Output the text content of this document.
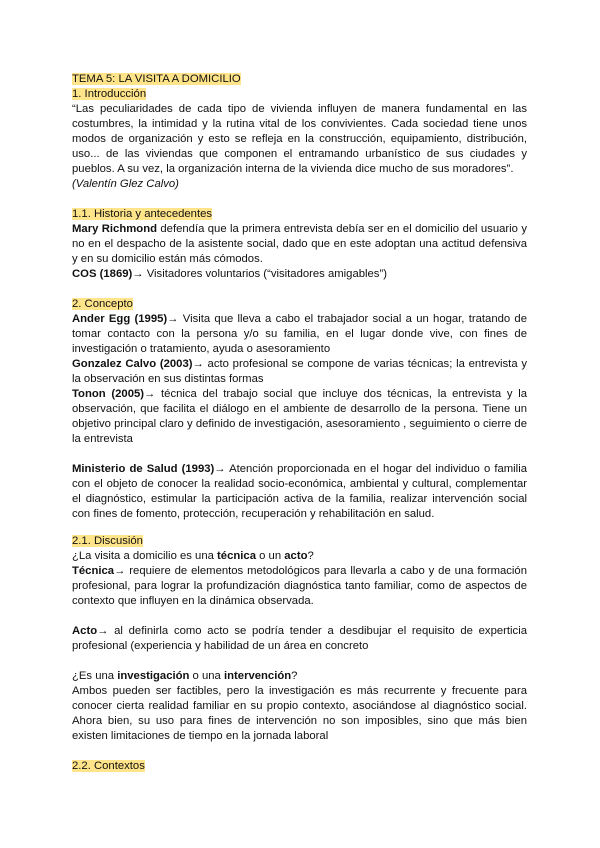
TEMA 5: LA VISITA A DOMICILIO

1. Introducción

“Las peculiaridades de cada tipo de vivienda influyen de manera fundamental en las costumbres, la intimidad y la rutina vital de los convivientes. Cada sociedad tiene unos modos de organización y esto se refleja en la construcción, equipamiento, distribución, uso... de las viviendas que componen el entramando urbanístico de sus ciudades y pueblos. A su vez, la organización interna de la vivienda dice mucho de sus moradores”.

(Valentín Glez Calvo)

1.1. Historia y antecedentes

Mary Richmond defendía que la primera entrevista debía ser en el domicilio del usuario y no en el despacho de la asistente social, dado que en este adoptan una actitud defensiva y en su domicilio están más cómodos.

COS (1869)→ Visitadores voluntarios (“visitadores amigables”)

2. Concepto

Ander Egg (1995)→ Visita que lleva a cabo el trabajador social a un hogar, tratando de tomar contacto con la persona y/o su familia, en el lugar donde vive, con fines de investigación o tratamiento, ayuda o asesoramiento

Gonzalez Calvo (2003)→ acto profesional se compone de varias técnicas; la entrevista y la observación en sus distintas formas

Tonon (2005)→ técnica del trabajo social que incluye dos técnicas, la entrevista y la observación, que facilita el diálogo en el ambiente de desarrollo de la persona. Tiene un objetivo principal claro y definido de investigación, asesoramiento , seguimiento o cierre de la entrevista

Ministerio de Salud (1993)→ Atención proporcionada en el hogar del individuo o familia con el objeto de conocer la realidad socio-económica, ambiental y cultural, complementar el diagnóstico, estimular la participación activa de la familia, realizar intervención social con fines de fomento, protección, recuperación y rehabilitación en salud.

2.1. Discusión

¿La visita a domicilio es una técnica o un acto?

Técnica→ requiere de elementos metodológicos para llevarla a cabo y de una formación profesional, para lograr la profundización diagnóstica tanto familiar, como de aspectos de contexto que influyen en la dinámica observada.

Acto→ al definirla como acto se podría tender a desdibujar el requisito de experticia profesional (experiencia y habilidad de un área en concreto

¿Es una investigación o una intervención?

Ambos pueden ser factibles, pero la investigación es más recurrente y frecuente para conocer cierta realidad familiar en su propio contexto, asociándose al diagnóstico social. Ahora bien, su uso para fines de intervención no son imposibles, sino que más bien existen limitaciones de tiempo en la jornada laboral

2.2. Contextos
